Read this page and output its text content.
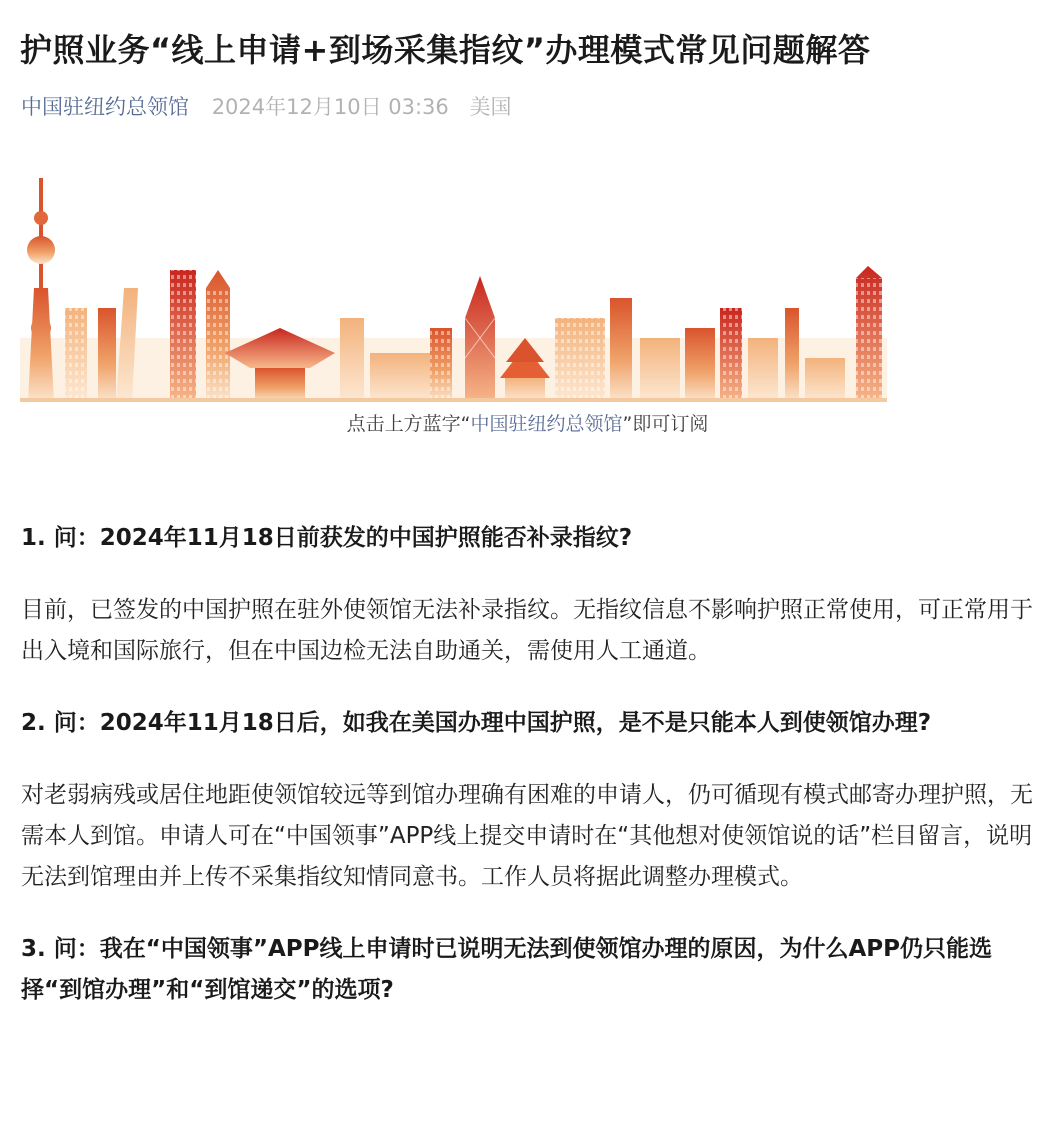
护照业务“线上申请+到场采集指纹”办理模式常见问题解答
中国驻纽约总领馆 2024年12月10日 03:36 美国
点击上方蓝字“中国驻纽约总领馆”即可订阅

1. 问：2024年11月18日前获发的中国护照能否补录指纹?

目前，已签发的中国护照在驻外使领馆无法补录指纹。无指纹信息不影响护照正常使用，可正常用于出入境和国际旅行，但在中国边检无法自助通关，需使用人工通道。

2. 问：2024年11月18日后，如我在美国办理中国护照，是不是只能本人到使领馆办理?

对老弱病残或居住地距使领馆较远等到馆办理确有困难的申请人，仍可循现有模式邮寄办理护照，无需本人到馆。申请人可在“中国领事”APP线上提交申请时在“其他想对使领馆说的话”栏目留言，说明无法到馆理由并上传不采集指纹知情同意书。工作人员将据此调整办理模式。

3. 问：我在“中国领事”APP线上申请时已说明无法到使领馆办理的原因，为什么APP仍只能选择“到馆办理”和“到馆递交”的选项?
